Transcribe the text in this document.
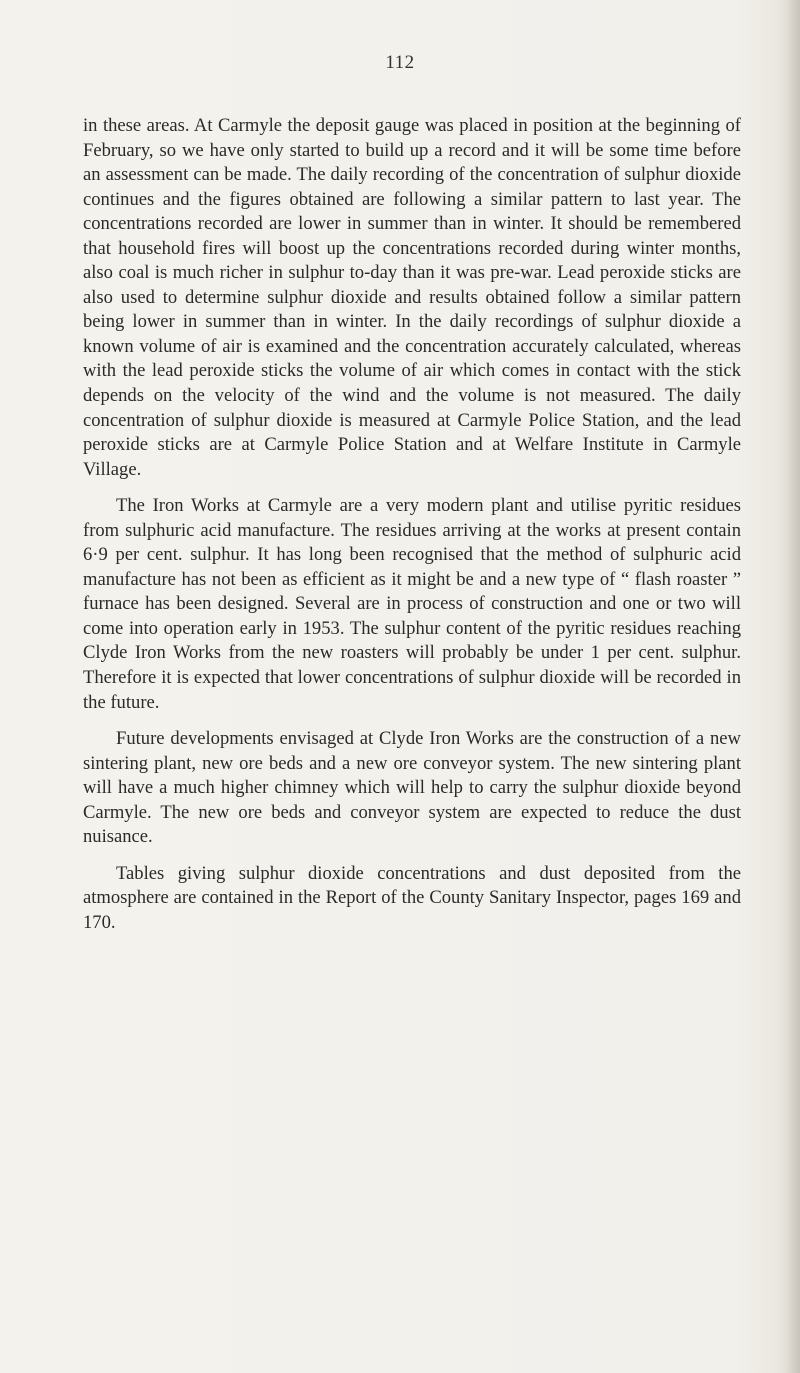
112

in these areas. At Carmyle the deposit gauge was placed in position at the beginning of February, so we have only started to build up a record and it will be some time before an assessment can be made. The daily recording of the concentration of sulphur dioxide continues and the figures obtained are following a similar pattern to last year. The concentrations recorded are lower in summer than in winter. It should be remembered that household fires will boost up the concentrations recorded during winter months, also coal is much richer in sulphur to-day than it was pre-war. Lead peroxide sticks are also used to determine sulphur dioxide and results obtained follow a similar pattern being lower in summer than in winter. In the daily recordings of sulphur dioxide a known volume of air is examined and the concentration accurately calculated, whereas with the lead peroxide sticks the volume of air which comes in contact with the stick depends on the velocity of the wind and the volume is not measured. The daily concentration of sulphur dioxide is measured at Carmyle Police Station, and the lead peroxide sticks are at Carmyle Police Station and at Welfare Institute in Carmyle Village.

The Iron Works at Carmyle are a very modern plant and utilise pyritic residues from sulphuric acid manufacture. The residues arriving at the works at present contain 6·9 per cent. sulphur. It has long been recognised that the method of sulphuric acid manufacture has not been as efficient as it might be and a new type of “ flash roaster ” furnace has been designed. Several are in process of construction and one or two will come into operation early in 1953. The sulphur content of the pyritic residues reaching Clyde Iron Works from the new roasters will probably be under 1 per cent. sulphur. Therefore it is expected that lower concentrations of sulphur dioxide will be recorded in the future.

Future developments envisaged at Clyde Iron Works are the construction of a new sintering plant, new ore beds and a new ore conveyor system. The new sintering plant will have a much higher chimney which will help to carry the sulphur dioxide beyond Carmyle. The new ore beds and conveyor system are expected to reduce the dust nuisance.

Tables giving sulphur dioxide concentrations and dust deposited from the atmosphere are contained in the Report of the County Sanitary Inspector, pages 169 and 170.
